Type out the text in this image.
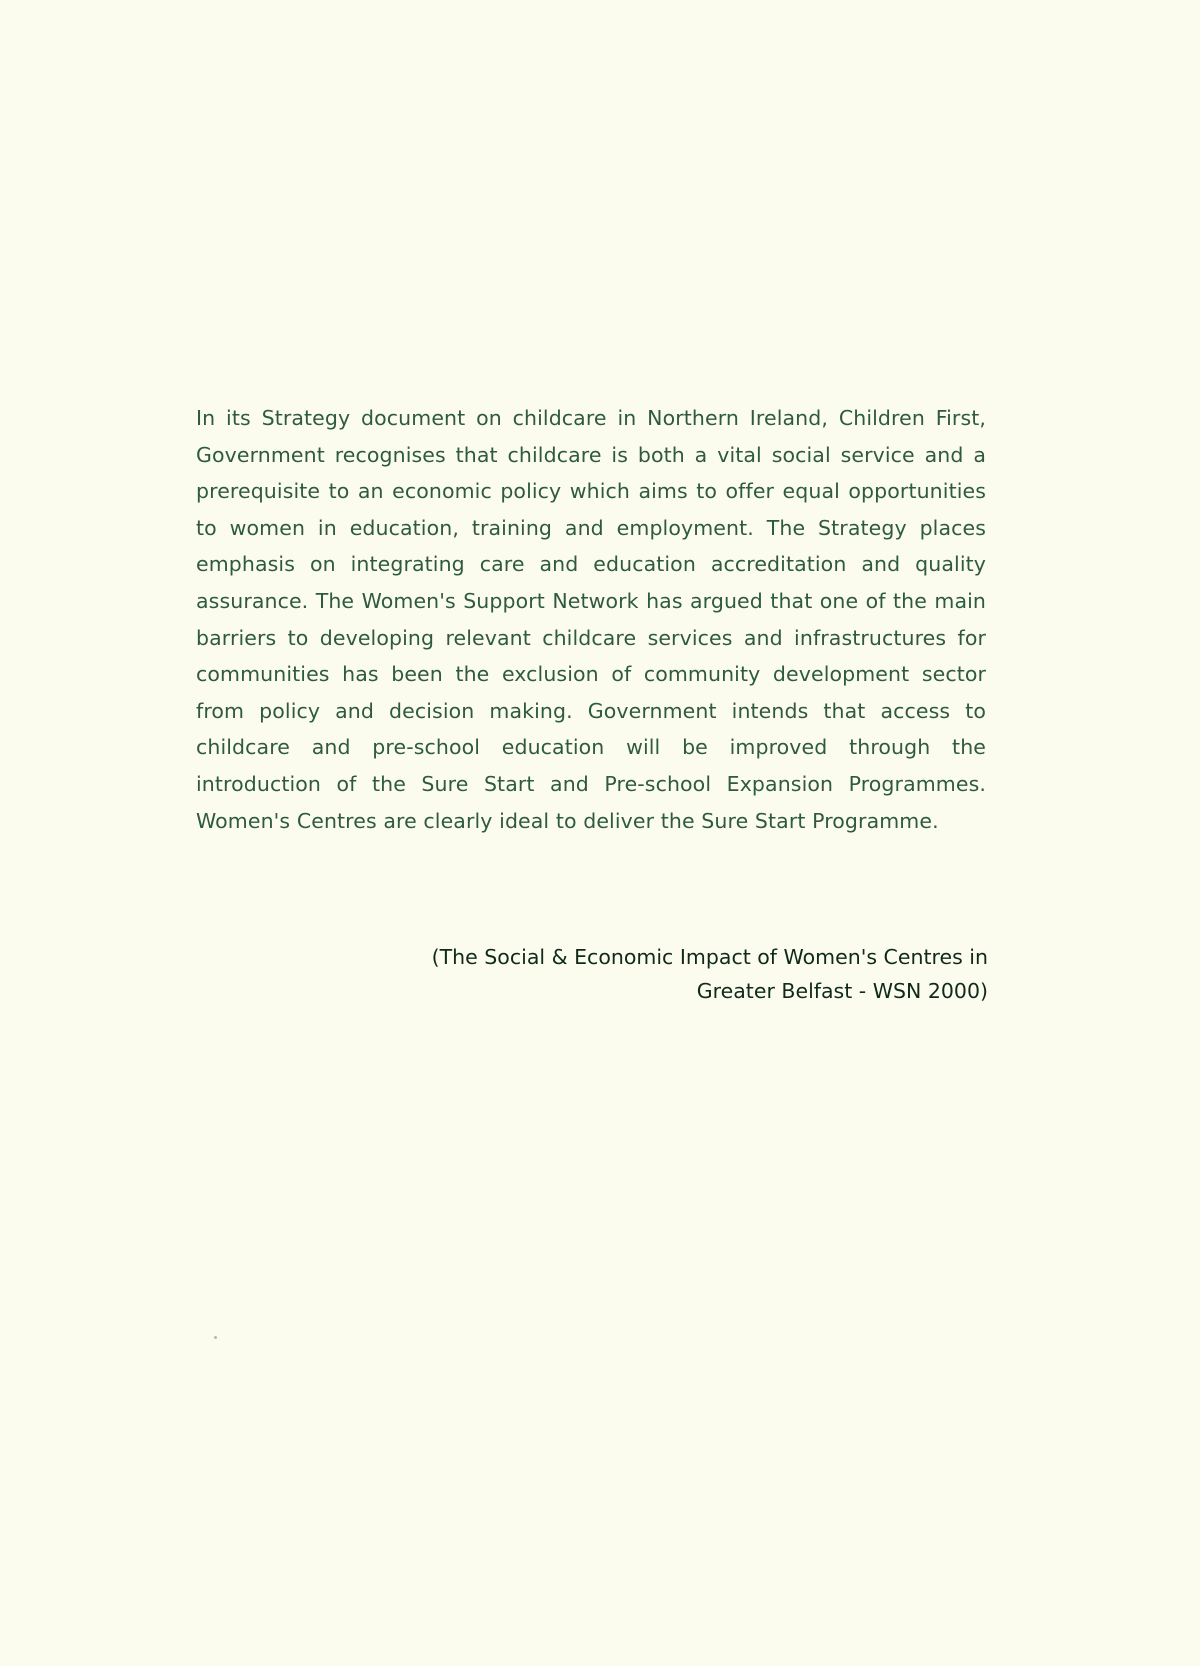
In its Strategy document on childcare in Northern Ireland, Children First, Government recognises that childcare is both a vital social service and a prerequisite to an economic policy which aims to offer equal opportunities to women in education, training and employment. The Strategy places emphasis on integrating care and education accreditation and quality assurance. The Women's Support Network has argued that one of the main barriers to developing relevant childcare services and infrastructures for communities has been the exclusion of community development sector from policy and decision making. Government intends that access to childcare and pre-school education will be improved through the introduction of the Sure Start and Pre-school Expansion Programmes. Women's Centres are clearly ideal to deliver the Sure Start Programme.

(The Social & Economic Impact of Women's Centres in
Greater Belfast - WSN 2000)
